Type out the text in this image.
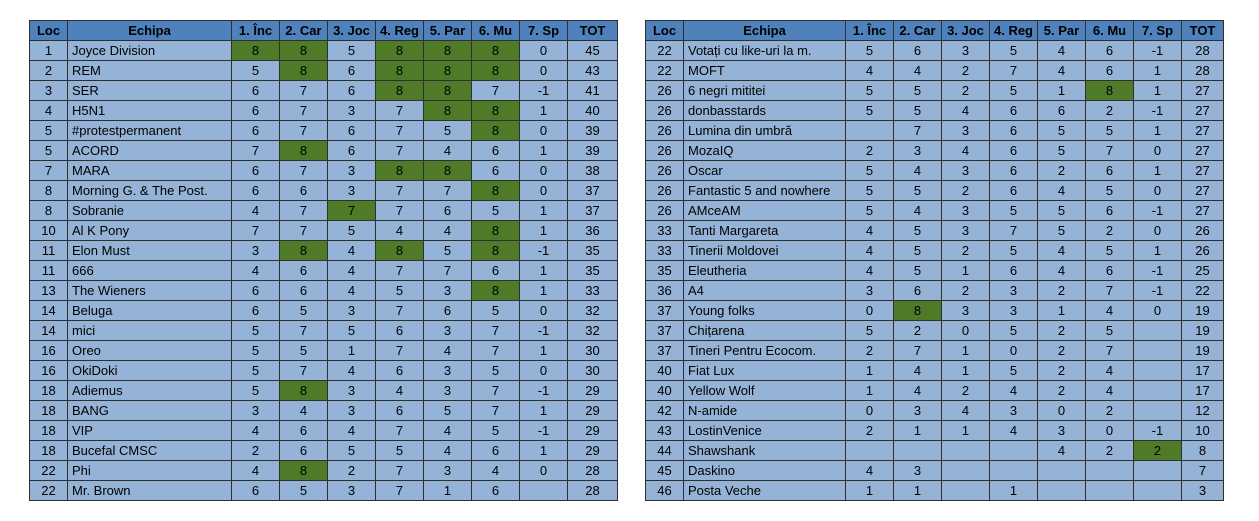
Loc	Echipa	1. Înc	2. Car	3. Joc	4. Reg	5. Par	6. Mu	7. Sp	TOT
1	Joyce Division	8	8	5	8	8	8	0	45
2	REM	5	8	6	8	8	8	0	43
3	SER	6	7	6	8	8	7	-1	41
4	H5N1	6	7	3	7	8	8	1	40
5	#protestpermanent	6	7	6	7	5	8	0	39
5	ACORD	7	8	6	7	4	6	1	39
7	MARA	6	7	3	8	8	6	0	38
8	Morning G. & The Post.	6	6	3	7	7	8	0	37
8	Sobranie	4	7	7	7	6	5	1	37
10	Al K Pony	7	7	5	4	4	8	1	36
11	Elon Must	3	8	4	8	5	8	-1	35
11	666	4	6	4	7	7	6	1	35
13	The Wieners	6	6	4	5	3	8	1	33
14	Beluga	6	5	3	7	6	5	0	32
14	mici	5	7	5	6	3	7	-1	32
16	Oreo	5	5	1	7	4	7	1	30
16	OkiDoki	5	7	4	6	3	5	0	30
18	Adiemus	5	8	3	4	3	7	-1	29
18	BANG	3	4	3	6	5	7	1	29
18	VIP	4	6	4	7	4	5	-1	29
18	Bucefal CMSC	2	6	5	5	4	6	1	29
22	Phi	4	8	2	7	3	4	0	28
22	Mr. Brown	6	5	3	7	1	6		28
Loc	Echipa	1. Înc	2. Car	3. Joc	4. Reg	5. Par	6. Mu	7. Sp	TOT
22	Votați cu like-uri la m.	5	6	3	5	4	6	-1	28
22	MOFT	4	4	2	7	4	6	1	28
26	6 negri mititei	5	5	2	5	1	8	1	27
26	donbasstards	5	5	4	6	6	2	-1	27
26	Lumina din umbră		7	3	6	5	5	1	27
26	MozaIQ	2	3	4	6	5	7	0	27
26	Oscar	5	4	3	6	2	6	1	27
26	Fantastic 5 and nowhere	5	5	2	6	4	5	0	27
26	AMceAM	5	4	3	5	5	6	-1	27
33	Tanti Margareta	4	5	3	7	5	2	0	26
33	Tinerii Moldovei	4	5	2	5	4	5	1	26
35	Eleutheria	4	5	1	6	4	6	-1	25
36	A4	3	6	2	3	2	7	-1	22
37	Young folks	0	8	3	3	1	4	0	19
37	Chițarena	5	2	0	5	2	5		19
37	Tineri Pentru Ecocom.	2	7	1	0	2	7		19
40	Fiat Lux	1	4	1	5	2	4		17
40	Yellow Wolf	1	4	2	4	2	4		17
42	N-amide	0	3	4	3	0	2		12
43	LostinVenice	2	1	1	4	3	0	-1	10
44	Shawshank					4	2	2	8
45	Daskino	4	3						7
46	Posta Veche	1	1		1				3
